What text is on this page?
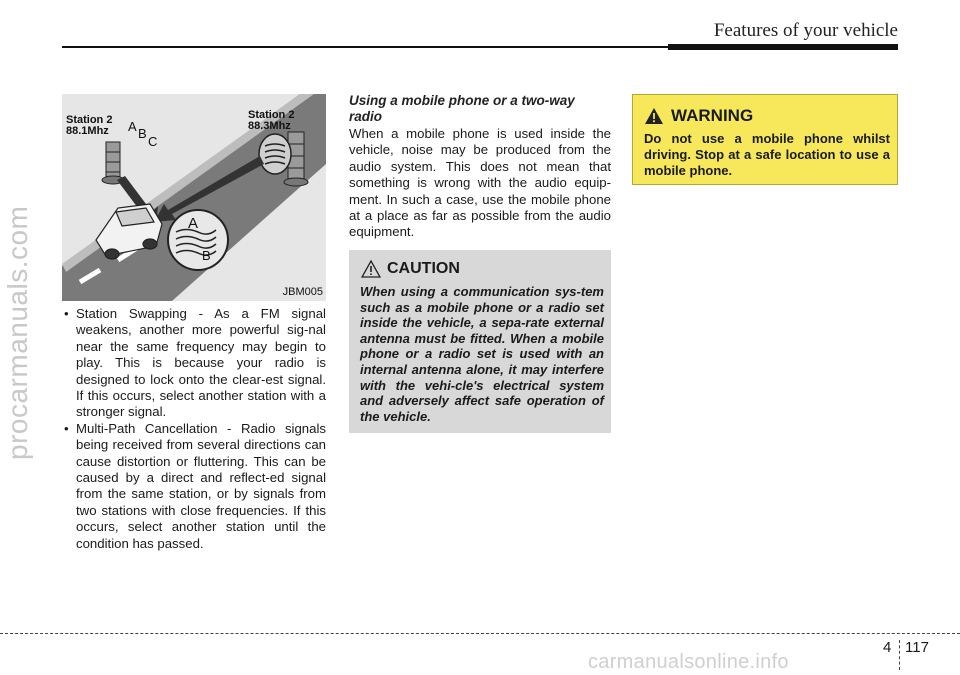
Features of your vehicle
procarmanuals.com
Station 2
88.1Mhz
Station 2
88.3Mhz
A B
C
A
B
JBM005
• Station Swapping - As a FM signal weakens, another more powerful sig-nal near the same frequency may begin to play. This is because your radio is designed to lock onto the clear-est signal. If this occurs, select another station with a stronger signal.
• Multi-Path Cancellation - Radio signals being received from several directions can cause distortion or fluttering. This can be caused by a direct and reflect-ed signal from the same station, or by signals from two stations with close frequencies. If this occurs, select another station until the condition has passed.
Using a mobile phone or a two-way radio
When a mobile phone is used inside the vehicle, noise may be produced from the audio system. This does not mean that something is wrong with the audio equip-ment. In such a case, use the mobile phone at a place as far as possible from the audio equipment.
CAUTION
When using a communication sys-tem such as a mobile phone or a radio set inside the vehicle, a sepa-rate external antenna must be fitted. When a mobile phone or a radio set is used with an internal antenna alone, it may interfere with the vehi-cle's electrical system and adversely affect safe operation of the vehicle.
WARNING
Do not use a mobile phone whilst driving. Stop at a safe location to use a mobile phone.
4 117
carmanualsonline.info
